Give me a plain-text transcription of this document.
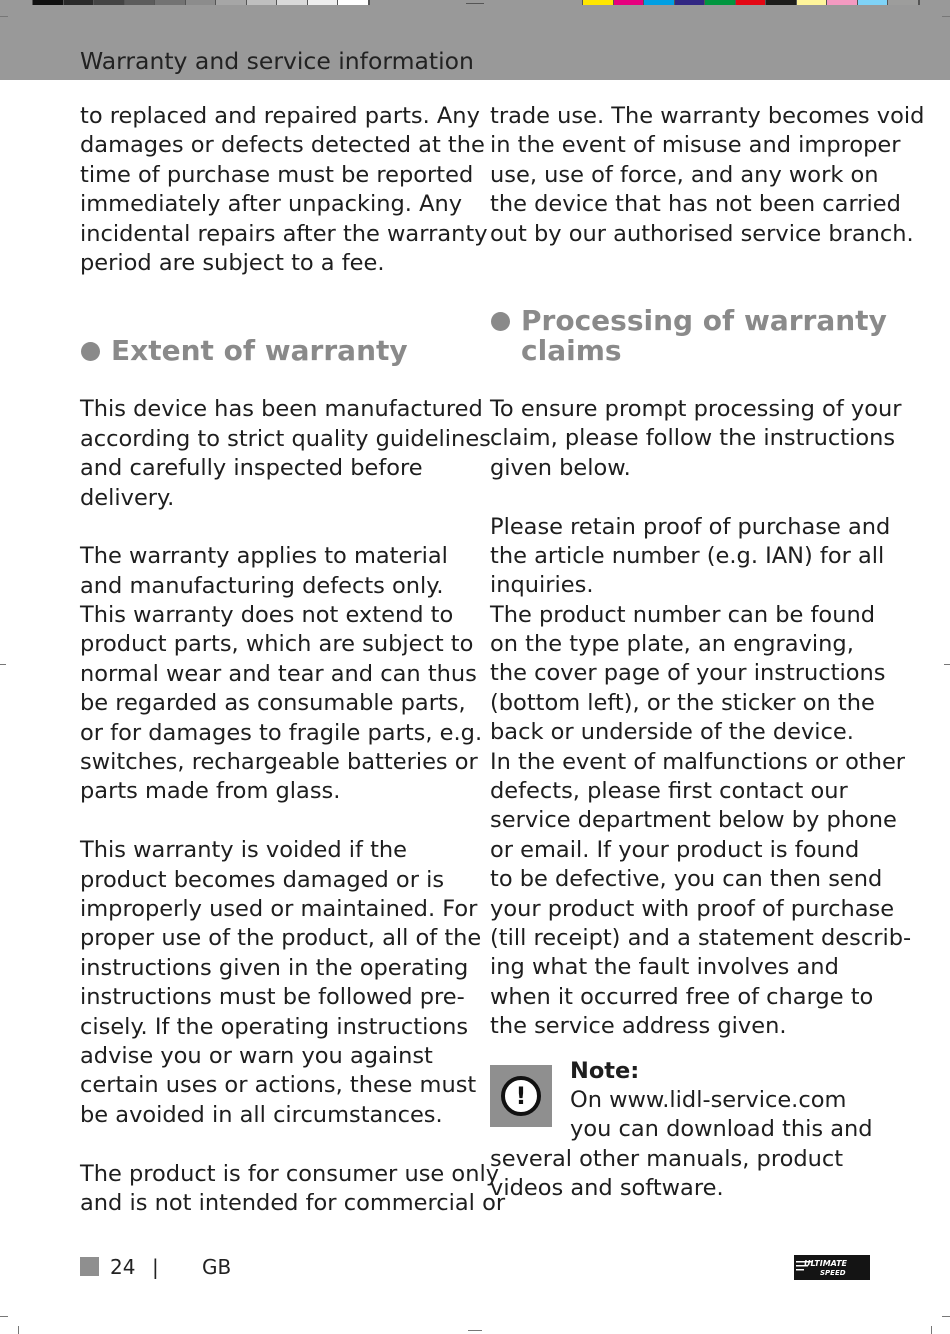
Warranty and service information
to replaced and repaired parts. Any
damages or defects detected at the
time of purchase must be reported
immediately after unpacking. Any
incidental repairs after the warranty
period are subject to a fee.
Extent of warranty
This device has been manufactured
according to strict quality guidelines
and carefully inspected before
delivery.
The warranty applies to material
and manufacturing defects only.
This warranty does not extend to
product parts, which are subject to
normal wear and tear and can thus
be regarded as consumable parts,
or for damages to fragile parts, e.g.
switches, rechargeable batteries or
parts made from glass.
This warranty is voided if the
product becomes damaged or is
improperly used or maintained. For
proper use of the product, all of the
instructions given in the operating
instructions must be followed pre-
cisely. If the operating instructions
advise you or warn you against
certain uses or actions, these must
be avoided in all circumstances.
The product is for consumer use only
and is not intended for commercial or
trade use. The warranty becomes void
in the event of misuse and improper
use, use of force, and any work on
the device that has not been carried
out by our authorised service branch.
Processing of warranty
claims
To ensure prompt processing of your
claim, please follow the instructions
given below.
Please retain proof of purchase and
the article number (e.g. IAN) for all
inquiries.
The product number can be found
on the type plate, an engraving,
the cover page of your instructions
(bottom left), or the sticker on the
back or underside of the device.
In the event of malfunctions or other
defects, please first contact our
service department below by phone
or email. If your product is found
to be defective, you can then send
your product with proof of purchase
(till receipt) and a statement describ-
ing what the fault involves and
when it occurred free of charge to
the service address given.
!
Note:
On www.lidl-service.com
you can download this and
several other manuals, product
videos and software.
24 | GB	ULTIMATE
SPEED
